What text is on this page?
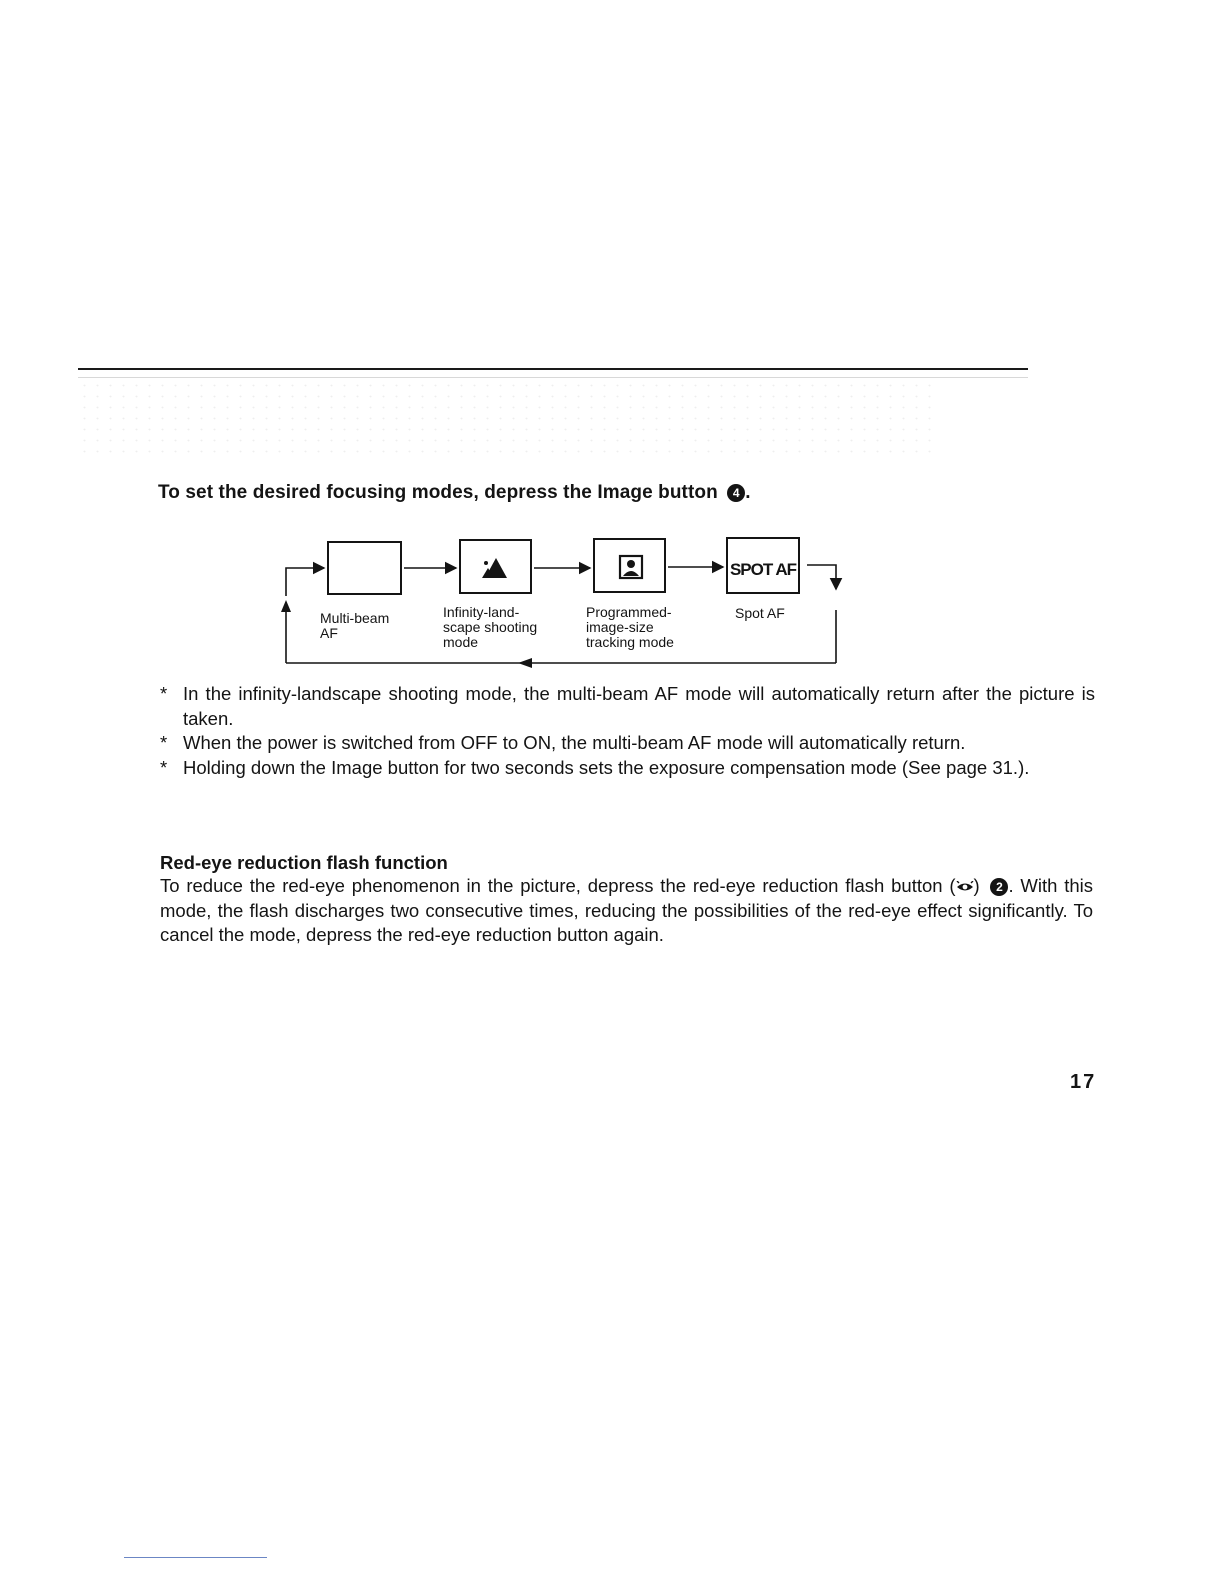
To set the desired focusing modes, depress the Image button 4 .
SPOT AF
Multi-beam
AF
Infinity-land-
scape shooting
mode
Programmed-
image-size
tracking mode
Spot AF
* In the infinity-landscape shooting mode, the multi-beam AF mode will automatically return after the picture is taken.
* When the power is switched from OFF to ON, the multi-beam AF mode will automatically return.
* Holding down the Image button for two seconds sets the exposure compensation mode (See page 31.).
Red-eye reduction flash function
To reduce the red-eye phenomenon in the picture, depress the red-eye reduction flash button ( ) 2 . With this mode, the flash discharges two consecutive times, reducing the possibilities of the red-eye effect significantly. To cancel the mode, depress the red-eye reduction button again.
17
